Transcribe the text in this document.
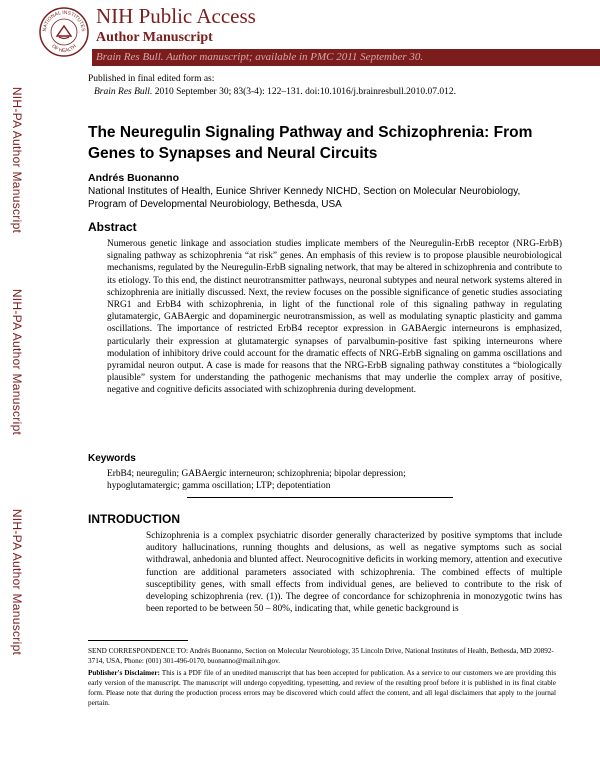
NATIONAL INSTITUTES
OF HEALTH
NIH Public Access
Author Manuscript
Brain Res Bull. Author manuscript; available in PMC 2011 September 30.
Published in final edited form as:
Brain Res Bull. 2010 September 30; 83(3-4): 122–131. doi:10.1016/j.brainresbull.2010.07.012.
NIH-PA Author Manuscript
NIH-PA Author Manuscript
NIH-PA Author Manuscript
The Neuregulin Signaling Pathway and Schizophrenia: From Genes to Synapses and Neural Circuits
Andrés Buonanno
National Institutes of Health, Eunice Shriver Kennedy NICHD, Section on Molecular Neurobiology, Program of Developmental Neurobiology, Bethesda, USA
Abstract
Numerous genetic linkage and association studies implicate members of the Neuregulin-ErbB receptor (NRG-ErbB) signaling pathway as schizophrenia “at risk” genes. An emphasis of this review is to propose plausible neurobiological mechanisms, regulated by the Neuregulin-ErbB signaling network, that may be altered in schizophrenia and contribute to its etiology. To this end, the distinct neurotransmitter pathways, neuronal subtypes and neural network systems altered in schizophrenia are initially discussed. Next, the review focuses on the possible significance of genetic studies associating NRG1 and ErbB4 with schizophrenia, in light of the functional role of this signaling pathway in regulating glutamatergic, GABAergic and dopaminergic neurotransmission, as well as modulating synaptic plasticity and gamma oscillations. The importance of restricted ErbB4 receptor expression in GABAergic interneurons is emphasized, particularly their expression at glutamatergic synapses of parvalbumin-positive fast spiking interneurons where modulation of inhibitory drive could account for the dramatic effects of NRG-ErbB signaling on gamma oscillations and pyramidal neuron output. A case is made for reasons that the NRG-ErbB signaling pathway constitutes a “biologically plausible” system for understanding the pathogenic mechanisms that may underlie the complex array of positive, negative and cognitive deficits associated with schizophrenia during development.
Keywords
ErbB4; neuregulin; GABAergic interneuron; schizophrenia; bipolar depression; hypoglutamatergic; gamma oscillation; LTP; depotentiation
INTRODUCTION
Schizophrenia is a complex psychiatric disorder generally characterized by positive symptoms that include auditory hallucinations, running thoughts and delusions, as well as negative symptoms such as social withdrawal, anhedonia and blunted affect. Neurocognitive deficits in working memory, attention and executive function are additional parameters associated with schizophrenia. The combined effects of multiple susceptibility genes, with small effects from individual genes, are believed to contribute to the risk of developing schizophrenia (rev. (1)). The degree of concordance for schizophrenia in monozygotic twins has been reported to be between 50 – 80%, indicating that, while genetic background is
SEND CORRESPONDENCE TO: Andrés Buonanno, Section on Molecular Neurobiology, 35 Lincoln Drive, National Institutes of Health, Bethesda, MD 20892-3714, USA, Phone: (001) 301-496-0170, buonanno@mail.nih.gov.
Publisher's Disclaimer: This is a PDF file of an unedited manuscript that has been accepted for publication. As a service to our customers we are providing this early version of the manuscript. The manuscript will undergo copyediting, typesetting, and review of the resulting proof before it is published in its final citable form. Please note that during the production process errors may be discovered which could affect the content, and all legal disclaimers that apply to the journal pertain.
